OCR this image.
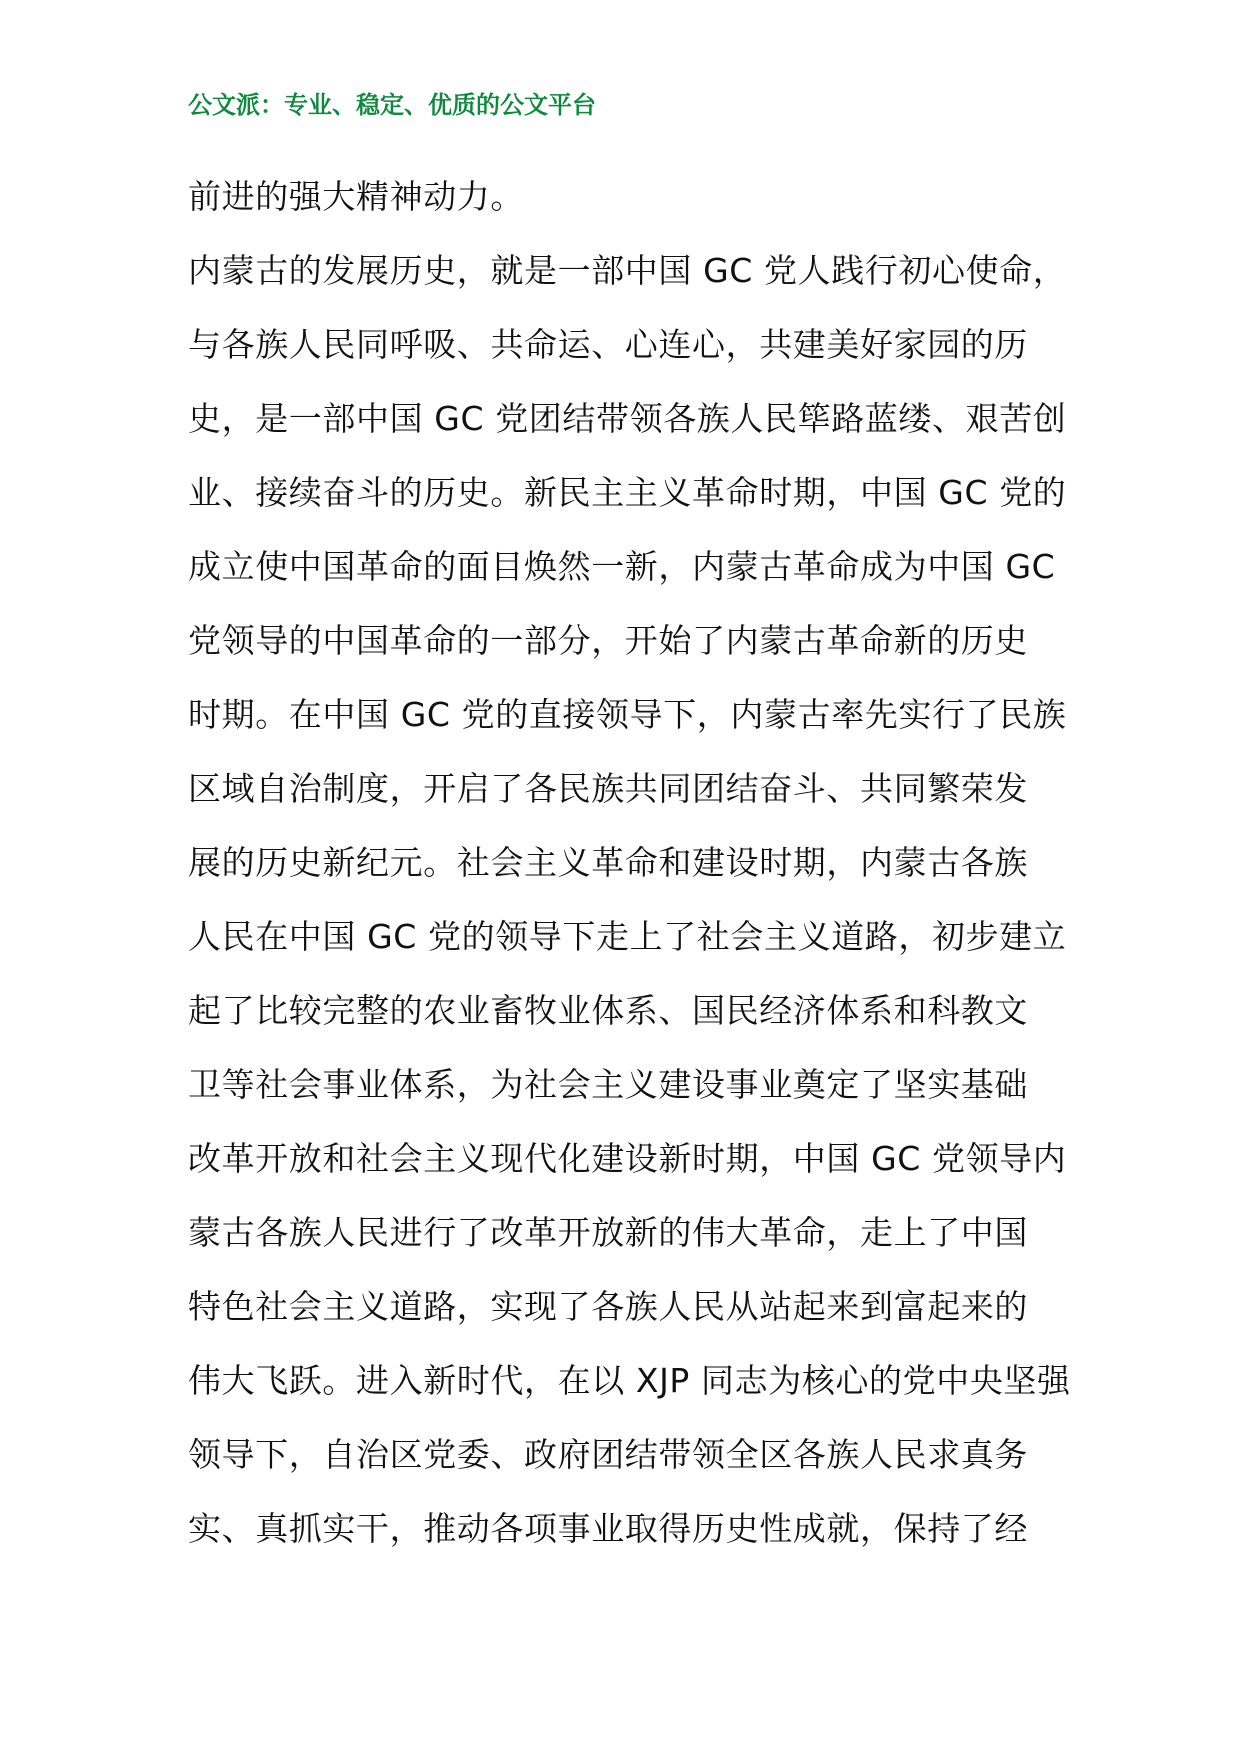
公文派：专业、稳定、优质的公文平台
前进的强大精神动力。
内蒙古的发展历史，就是一部中国 GC 党人践行初心使命，
与各族人民同呼吸、共命运、心连心，共建美好家园的历
史，是一部中国 GC 党团结带领各族人民筚路蓝缕、艰苦创
业、接续奋斗的历史。新民主主义革命时期，中国 GC 党的
成立使中国革命的面目焕然一新，内蒙古革命成为中国 GC
党领导的中国革命的一部分，开始了内蒙古革命新的历史
时期。在中国 GC 党的直接领导下，内蒙古率先实行了民族
区域自治制度，开启了各民族共同团结奋斗、共同繁荣发
展的历史新纪元。社会主义革命和建设时期，内蒙古各族
人民在中国 GC 党的领导下走上了社会主义道路，初步建立
起了比较完整的农业畜牧业体系、国民经济体系和科教文
卫等社会事业体系，为社会主义建设事业奠定了坚实基础
改革开放和社会主义现代化建设新时期，中国 GC 党领导内
蒙古各族人民进行了改革开放新的伟大革命，走上了中国
特色社会主义道路，实现了各族人民从站起来到富起来的
伟大飞跃。进入新时代，在以 XJP 同志为核心的党中央坚强
领导下，自治区党委、政府团结带领全区各族人民求真务
实、真抓实干，推动各项事业取得历史性成就，保持了经
